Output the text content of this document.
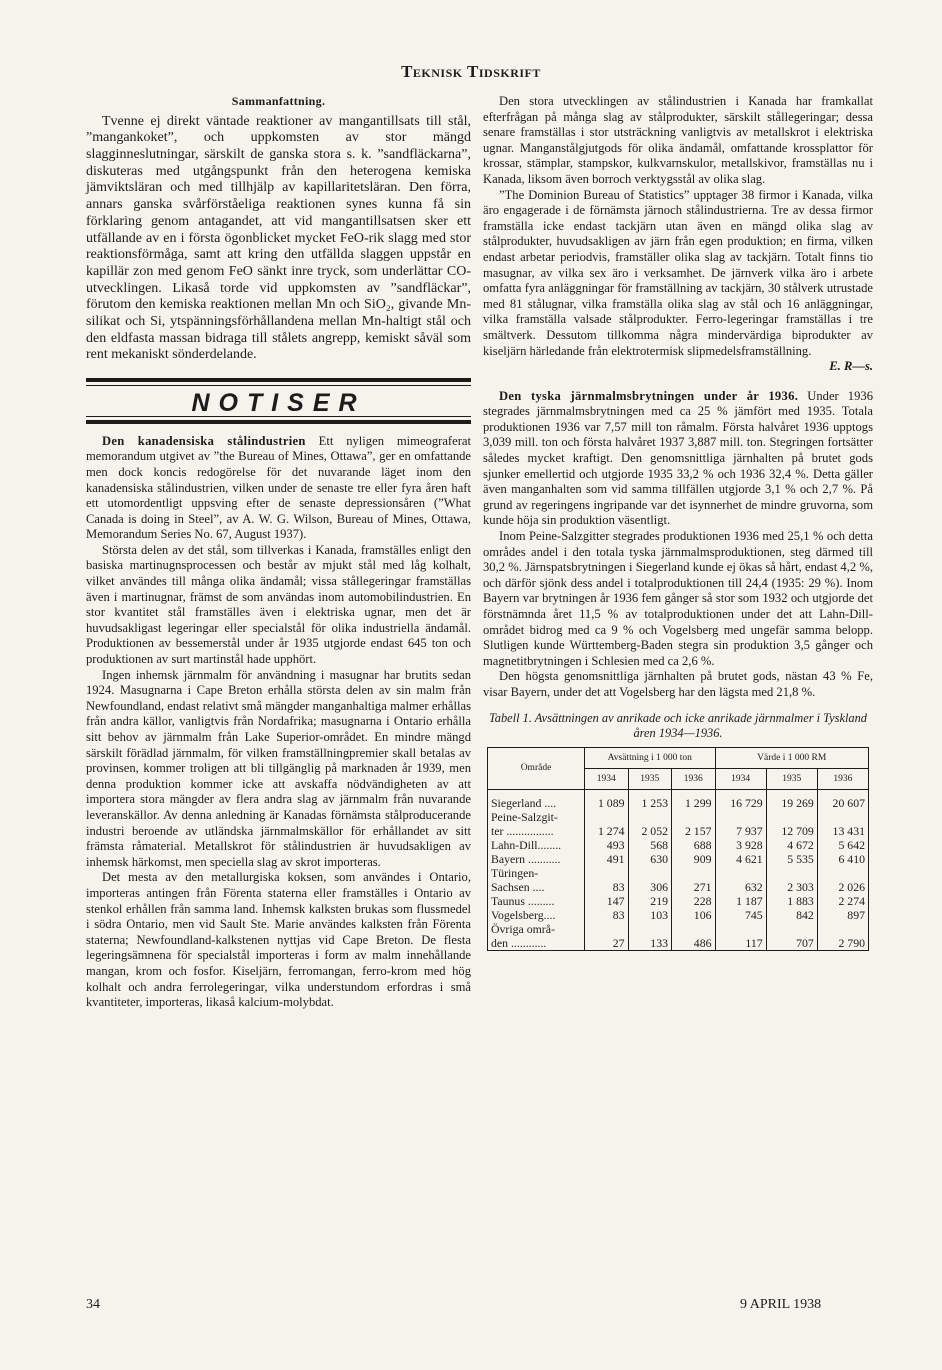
Teknisk Tidskrift
Sammanfattning.

Tvenne ej direkt väntade reaktioner av mangantillsats till stål, ”mangankoket”, och uppkomsten av stor mängd slagginneslutningar, särskilt de ganska stora s. k. ”sandfläckarna”, diskuteras med utgångspunkt från den heterogena kemiska jämviktsläran och med tillhjälp av kapillaritetsläran. Den förra, annars ganska svårförståeliga reaktionen synes kunna få sin förklaring genom antagandet, att vid mangantillsatsen sker ett utfällande av en i första ögonblicket mycket FeO-rik slagg med stor reaktionsförmåga, samt att kring den utfällda slaggen uppstår en kapillär zon med genom FeO sänkt inre tryck, som underlättar CO-utvecklingen. Likaså torde vid uppkomsten av ”sandfläckar”, förutom den kemiska reaktionen mellan Mn och SiO₂, givande Mn-silikat och Si, ytspänningsförhållandena mellan Mn-haltigt stål och den eldfasta massan bidraga till stålets angrepp, kemiskt såväl som rent mekaniskt sönderdelande.

NOTISER

Den kanadensiska stålindustrien Ett nyligen mimeograferat memorandum utgivet av ”the Bureau of Mines, Ottawa”, ger en omfattande men dock koncis redogörelse för det nuvarande läget inom den kanadensiska stålindustrien, vilken under de senaste tre eller fyra åren haft ett utomordentligt uppsving efter de senaste depressionsåren (”What Canada is doing in Steel”, av A. W. G. Wilson, Bureau of Mines, Ottawa, Memorandum Series No. 67, August 1937).

Största delen av det stål, som tillverkas i Kanada, framställes enligt den basiska martinugnsprocessen och består av mjukt stål med låg kolhalt, vilket användes till många olika ändamål; vissa stållegeringar framställas även i martinugnar, främst de som användas inom automobilindustrien. En stor kvantitet stål framställes även i elektriska ugnar, men det är huvudsakligast legeringar eller specialstål för olika industriella ändamål. Produktionen av bessemerstål under år 1935 utgjorde endast 645 ton och produktionen av surt martinstål hade upphört.

Ingen inhemsk järnmalm för användning i masugnar har brutits sedan 1924. Masugnarna i Cape Breton erhålla största delen av sin malm från Newfoundland, endast relativt små mängder manganhaltiga malmer erhållas från andra källor, vanligtvis från Nordafrika; masugnarna i Ontario erhålla sitt behov av järnmalm från Lake Superior-området. En mindre mängd särskilt förädlad järnmalm, för vilken framställningpremier skall betalas av provinsen, kommer troligen att bli tillgänglig på marknaden år 1939, men denna produktion kommer icke att avskaffa nödvändigheten av att importera stora mängder av flera andra slag av järnmalm från nuvarande leveranskällor. Av denna anledning är Kanadas förnämsta stålproducerande industri beroende av utländska järnmalmskällor för erhållandet av sitt främsta råmaterial. Metallskrot för stålindustrien är huvudsakligen av inhemsk härkomst, men speciella slag av skrot importeras.

Det mesta av den metallurgiska koksen, som användes i Ontario, importeras antingen från Förenta staterna eller framställes i Ontario av stenkol erhållen från samma land. Inhemsk kalksten brukas som flussmedel i södra Ontario, men vid Sault Ste. Marie användes kalksten från Förenta staterna; Newfoundland-kalkstenen nyttjas vid Cape Breton. De flesta legeringsämnena för specialstål importeras i form av malm innehållande mangan, krom och fosfor. Kiseljärn, ferromangan, ferro-krom med hög kolhalt och andra ferrolegeringar, vilka understundom erfordras i små kvantiteter, importeras, likaså kalcium-molybdat.

Den stora utvecklingen av stålindustrien i Kanada har framkallat efterfrågan på många slag av stålprodukter, särskilt stållegeringar; dessa senare framställas i stor utsträckning vanligtvis av metallskrot i elektriska ugnar. Manganstålgjutgods för olika ändamål, omfattande krossplattor för krossar, stämplar, stampskor, kulkvarnskulor, metallskivor, framställas nu i Kanada, liksom även borroch verktygsstål av olika slag.

”The Dominion Bureau of Statistics” upptager 38 firmor i Kanada, vilka äro engagerade i de förnämsta järnoch stålindustrierna. Tre av dessa firmor framställa icke endast tackjärn utan även en mängd olika slag av stålprodukter, huvudsakligen av järn från egen produktion; en firma, vilken endast arbetar periodvis, framställer olika slag av tackjärn. Totalt finns tio masugnar, av vilka sex äro i verksamhet. De järnverk vilka äro i arbete omfatta fyra anläggningar för framställning av tackjärn, 30 stålverk utrustade med 81 stålugnar, vilka framställa olika slag av stål och 16 anläggningar, vilka framställa valsade stålprodukter. Ferro-legeringar framställas i tre smältverk. Dessutom tillkomma några mindervärdiga biprodukter av kiseljärn härledande från elektrotermisk slipmedelsframställning.

E. R—s.

Den tyska järnmalmsbrytningen under år 1936. Under 1936 stegrades järnmalmsbrytningen med ca 25 % jämfört med 1935. Totala produktionen 1936 var 7,57 mill ton råmalm. Första halvåret 1936 upptogs 3,039 mill. ton och första halvåret 1937 3,887 mill. ton. Stegringen fortsätter således mycket kraftigt. Den genomsnittliga järnhalten på brutet gods sjunker emellertid och utgjorde 1935 33,2 % och 1936 32,4 %. Detta gäller även manganhalten som vid samma tillfällen utgjorde 3,1 % och 2,7 %. På grund av regeringens ingripande var det isynnerhet de mindre gruvorna, som kunde höja sin produktion väsentligt.

Inom Peine-Salzgitter stegrades produktionen 1936 med 25,1 % och detta områdes andel i den totala tyska järnmalmsproduktionen, steg därmed till 30,2 %. Järnspatsbrytningen i Siegerland kunde ej ökas så hårt, endast 4,2 %, och därför sjönk dess andel i totalproduktionen till 24,4 (1935: 29 %). Inom Bayern var brytningen år 1936 fem gånger så stor som 1932 och utgjorde det förstnämnda året 11,5 % av totalproduktionen under det att Lahn-Dill-området bidrog med ca 9 % och Vogelsberg med ungefär samma belopp. Slutligen kunde Württemberg-Baden stegra sin produktion 3,5 gånger och magnetitbrytningen i Schlesien med ca 2,6 %.

Den högsta genomsnittliga järnhalten på brutet gods, nästan 43 % Fe, visar Bayern, under det att Vogelsberg har den lägsta med 21,8 %.

Tabell 1. Avsättningen av anrikade och icke anrikade järnmalmer i Tyskland åren 1934—1936.
Område	Avsättning i 1 000 ton			Värde i 1 000 RM		
	1934	1935	1936	1934	1935	1936

Siegerland ....	1 089	1 253	1 299	16 729	19 269	20 607

Peine-Salzgit-
ter ................	1 274	2 052	2 157	7 937	12 709	13 431

Lahn-Dill........	493	568	688	3 928	4 672	5 642

Bayern ...........	491	630	909	4 621	5 535	6 410

Türingen-
Sachsen ....	83	306	271	632	2 303	2 026

Taunus .........	147	219	228	1 187	1 883	2 274

Vogelsberg....	83	103	106	745	842	897

Övriga områ-
den ............	27	133	486	117	707	2 790
34	9 APRIL 1938
